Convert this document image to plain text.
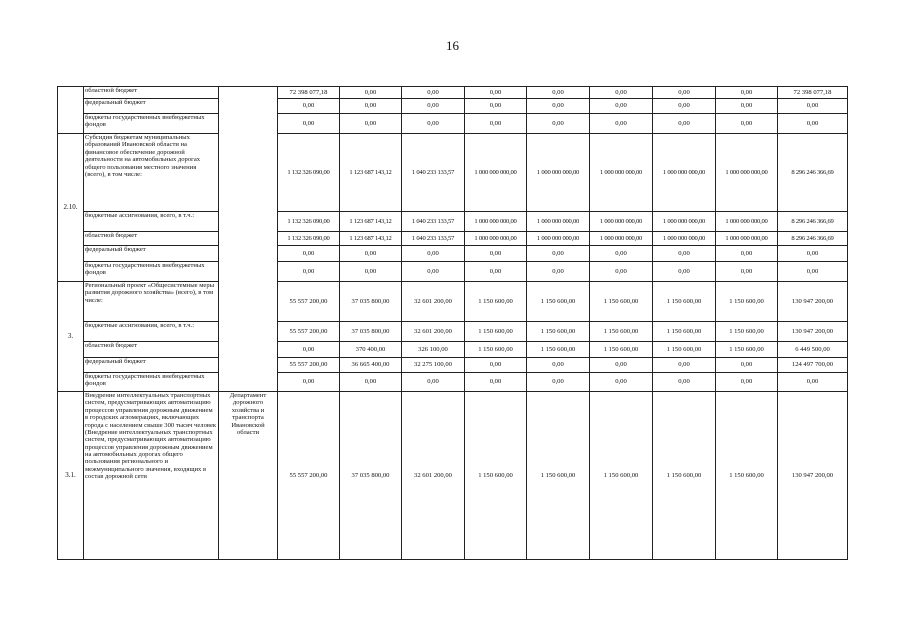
16
	областной бюджет		72 398 077,18	0,00	0,00	0,00	0,00	0,00	0,00	0,00	72 398 077,18
	федеральный бюджет		0,00	0,00	0,00	0,00	0,00	0,00	0,00	0,00	0,00
	бюджеты государственных внебюджетных фондов		0,00	0,00	0,00	0,00	0,00	0,00	0,00	0,00	0,00
2.10.	Субсидия бюджетам муниципальных образований Ивановской области на финансовое обеспечение дорожной деятельности на автомобильных дорогах общего пользования местного значения (всего), в том числе:		1 132 326 090,00	1 123 687 143,12	1 040 233 133,57	1 000 000 000,00	1 000 000 000,00	1 000 000 000,00	1 000 000 000,00	1 000 000 000,00	8 296 246 366,69
	бюджетные ассигнования, всего, в т.ч.:		1 132 326 090,00	1 123 687 143,12	1 040 233 133,57	1 000 000 000,00	1 000 000 000,00	1 000 000 000,00	1 000 000 000,00	1 000 000 000,00	8 296 246 366,69
	областной бюджет		1 132 326 090,00	1 123 687 143,12	1 040 233 133,57	1 000 000 000,00	1 000 000 000,00	1 000 000 000,00	1 000 000 000,00	1 000 000 000,00	8 296 246 366,69
	федеральный бюджет		0,00	0,00	0,00	0,00	0,00	0,00	0,00	0,00	0,00
	бюджеты государственных внебюджетных фондов		0,00	0,00	0,00	0,00	0,00	0,00	0,00	0,00	0,00
3.	Региональный проект «Общесистемные меры развития дорожного хозяйства» (всего), в том числе:		55 557 200,00	37 035 800,00	32 601 200,00	1 150 600,00	1 150 600,00	1 150 600,00	1 150 600,00	1 150 600,00	130 947 200,00
	бюджетные ассигнования, всего, в т.ч.:		55 557 200,00	37 035 800,00	32 601 200,00	1 150 600,00	1 150 600,00	1 150 600,00	1 150 600,00	1 150 600,00	130 947 200,00
	областной бюджет		0,00	370 400,00	326 100,00	1 150 600,00	1 150 600,00	1 150 600,00	1 150 600,00	1 150 600,00	6 449 500,00
	федеральный бюджет		55 557 200,00	36 665 400,00	32 275 100,00	0,00	0,00	0,00	0,00	0,00	124 497 700,00
	бюджеты государственных внебюджетных фондов		0,00	0,00	0,00	0,00	0,00	0,00	0,00	0,00	0,00
3.1.	Внедрение интеллектуальных транспортных систем, предусматривающих автоматизацию процессов управления дорожным движением в городских агломерациях, включающих города с населением свыше 300 тысяч человек (Внедрение интеллектуальных транспортных систем, предусматривающих автоматизацию процессов управления дорожным движением на автомобильных дорогах общего пользования регионального и межмуниципального значения, входящих в состав дорожной сети	Департамент дорожного хозяйства и транспорта Ивановской области	55 557 200,00	37 035 800,00	32 601 200,00	1 150 600,00	1 150 600,00	1 150 600,00	1 150 600,00	1 150 600,00	130 947 200,00
